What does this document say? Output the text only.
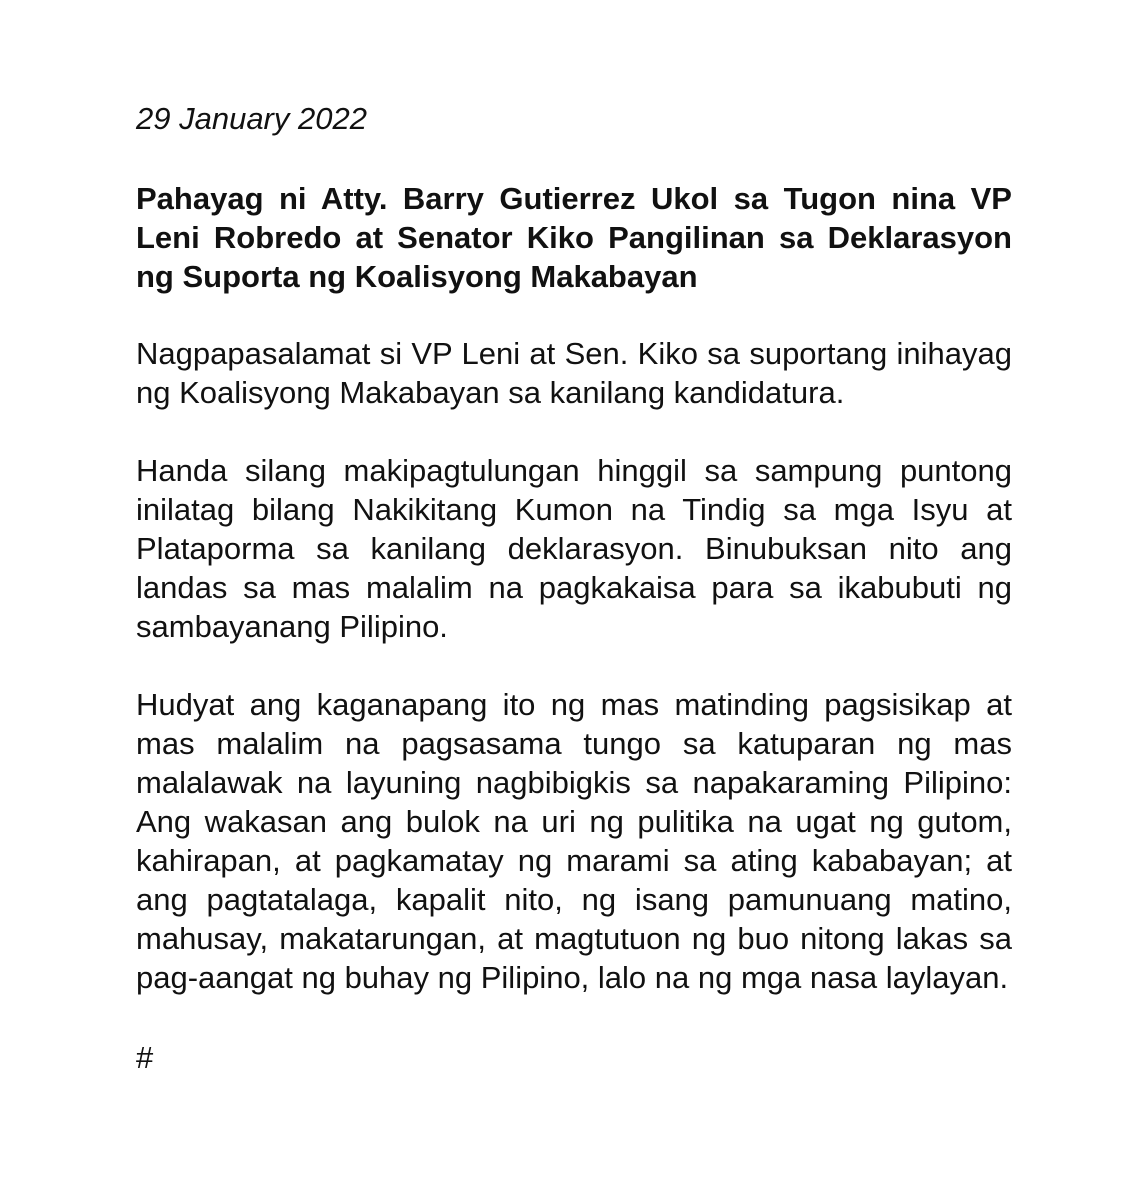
29 January 2022

Pahayag ni Atty. Barry Gutierrez Ukol sa Tugon nina VP Leni Robredo at Senator Kiko Pangilinan sa Deklarasyon ng Suporta ng Koalisyong Makabayan

Nagpapasalamat si VP Leni at Sen. Kiko sa suportang inihayag ng Koalisyong Makabayan sa kanilang kandidatura.

Handa silang makipagtulungan hinggil sa sampung puntong inilatag bilang Nakikitang Kumon na Tindig sa mga Isyu at Plataporma sa kanilang deklarasyon. Binubuksan nito ang landas sa mas malalim na pagkakaisa para sa ikabubuti ng sambayanang Pilipino.

Hudyat ang kaganapang ito ng mas matinding pagsisikap at mas malalim na pagsasama tungo sa katuparan ng mas malalawak na layuning nagbibigkis sa napakaraming Pilipino: Ang wakasan ang bulok na uri ng pulitika na ugat ng gutom, kahirapan, at pagkamatay ng marami sa ating kababayan; at ang pagtatalaga, kapalit nito, ng isang pamunuang matino, mahusay, makatarungan, at magtutuon ng buo nitong lakas sa pag-aangat ng buhay ng Pilipino, lalo na ng mga nasa laylayan.

#
